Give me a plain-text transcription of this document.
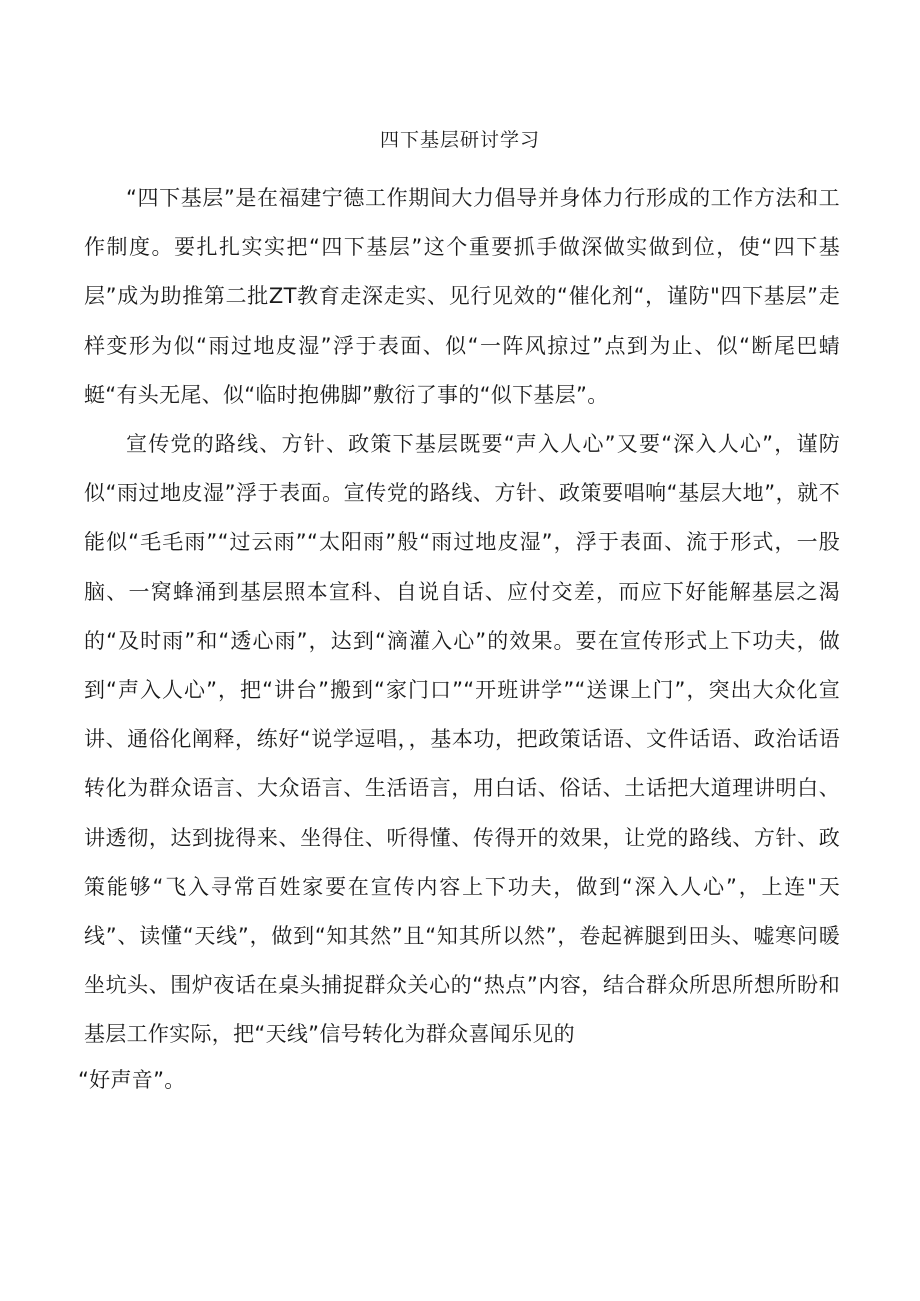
四下基层研讨学习

“四下基层”是在福建宁德工作期间大力倡导并身体力行形成的工作方法和工作制度。要扎扎实实把“四下基层”这个重要抓手做深做实做到位，使“四下基层”成为助推第二批ZT教育走深走实、见行见效的“催化剂“，谨防"四下基层”走样变形为似“雨过地皮湿”浮于表面、似“一阵风掠过”点到为止、似“断尾巴蜻蜓“有头无尾、似“临时抱佛脚”敷衍了事的“似下基层”。

宣传党的路线、方针、政策下基层既要“声入人心”又要“深入人心”，谨防似“雨过地皮湿”浮于表面。宣传党的路线、方针、政策要唱响“基层大地”，就不能似“毛毛雨”“过云雨”“太阳雨”般“雨过地皮湿”，浮于表面、流于形式，一股脑、一窝蜂涌到基层照本宣科、自说自话、应付交差，而应下好能解基层之渴的“及时雨”和“透心雨”，达到“滴灌入心”的效果。要在宣传形式上下功夫，做到“声入人心”，把“讲台”搬到“家门口”“开班讲学”“送课上门”，突出大众化宣讲、通俗化阐释，练好“说学逗唱，，基本功，把政策话语、文件话语、政治话语转化为群众语言、大众语言、生活语言，用白话、俗话、土话把大道理讲明白、讲透彻，达到拢得来、坐得住、听得懂、传得开的效果，让党的路线、方针、政策能够“飞入寻常百姓家要在宣传内容上下功夫，做到“深入人心”，上连"天线”、读懂“天线”，做到“知其然”且“知其所以然”，卷起裤腿到田头、嘘寒问暖坐坑头、围炉夜话在桌头捕捉群众关心的“热点”内容，结合群众所思所想所盼和基层工作实际，把“天线”信号转化为群众喜闻乐见的

“好声音”。
